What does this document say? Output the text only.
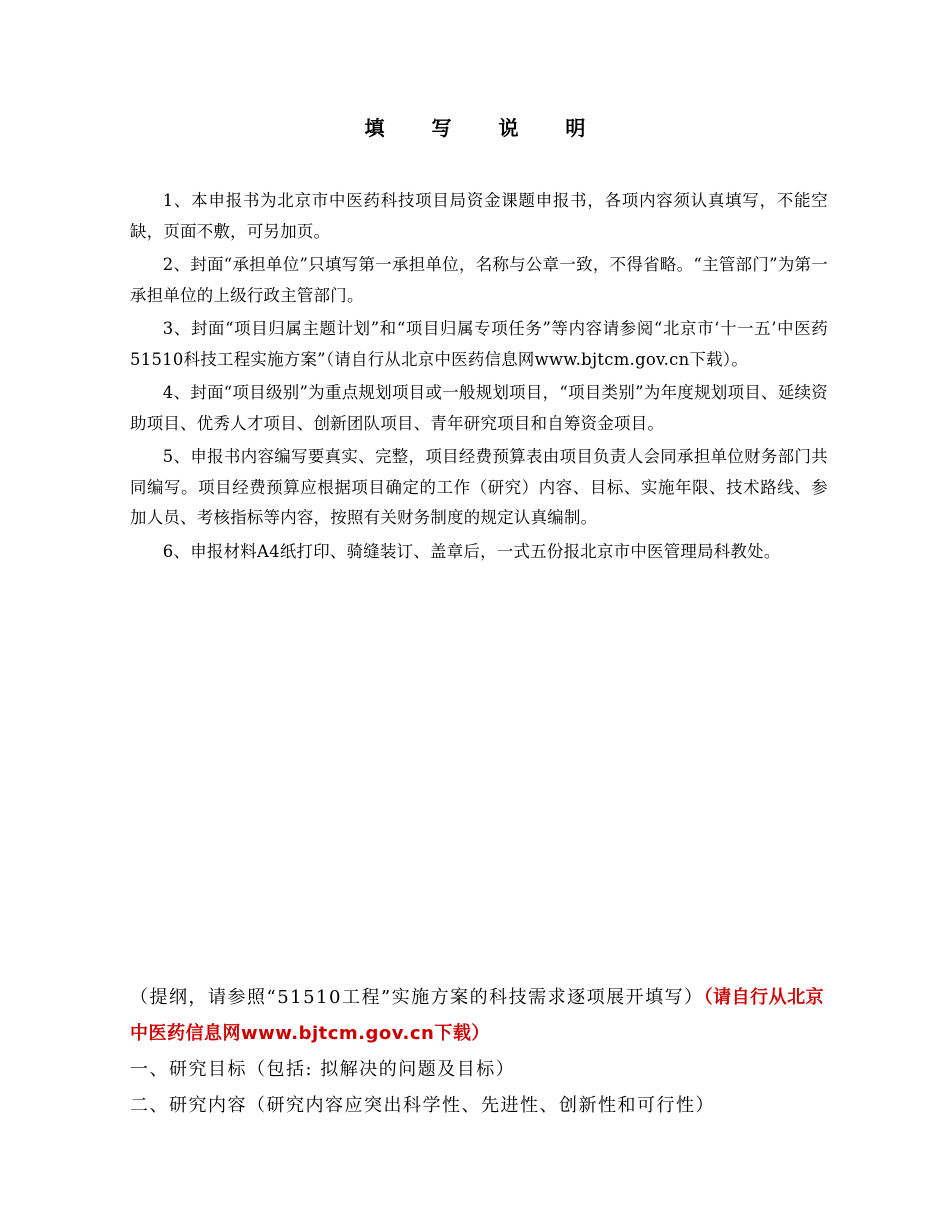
填 写 说 明

1、本申报书为北京市中医药科技项目局资金课题申报书，各项内容须认真填写，不能空缺，页面不敷，可另加页。

2、封面“承担单位”只填写第一承担单位，名称与公章一致，不得省略。“主管部门”为第一承担单位的上级行政主管部门。

3、封面“项目归属主题计划”和“项目归属专项任务”等内容请参阅“北京市‘十一五’中医药51510科技工程实施方案”（请自行从北京中医药信息网www.bjtcm.gov.cn下载）。

4、封面“项目级别”为重点规划项目或一般规划项目，“项目类别”为年度规划项目、延续资助项目、优秀人才项目、创新团队项目、青年研究项目和自筹资金项目。

5、申报书内容编写要真实、完整，项目经费预算表由项目负责人会同承担单位财务部门共同编写。项目经费预算应根据项目确定的工作（研究）内容、目标、实施年限、技术路线、参加人员、考核指标等内容，按照有关财务制度的规定认真编制。

6、申报材料A4纸打印、骑缝装订、盖章后，一式五份报北京市中医管理局科教处。

（提纲，请参照“51510工程”实施方案的科技需求逐项展开填写）（请自行从北京中医药信息网www.bjtcm.gov.cn下载）

一、研究目标（包括: 拟解决的问题及目标）

二、研究内容（研究内容应突出科学性、先进性、创新性和可行性）
